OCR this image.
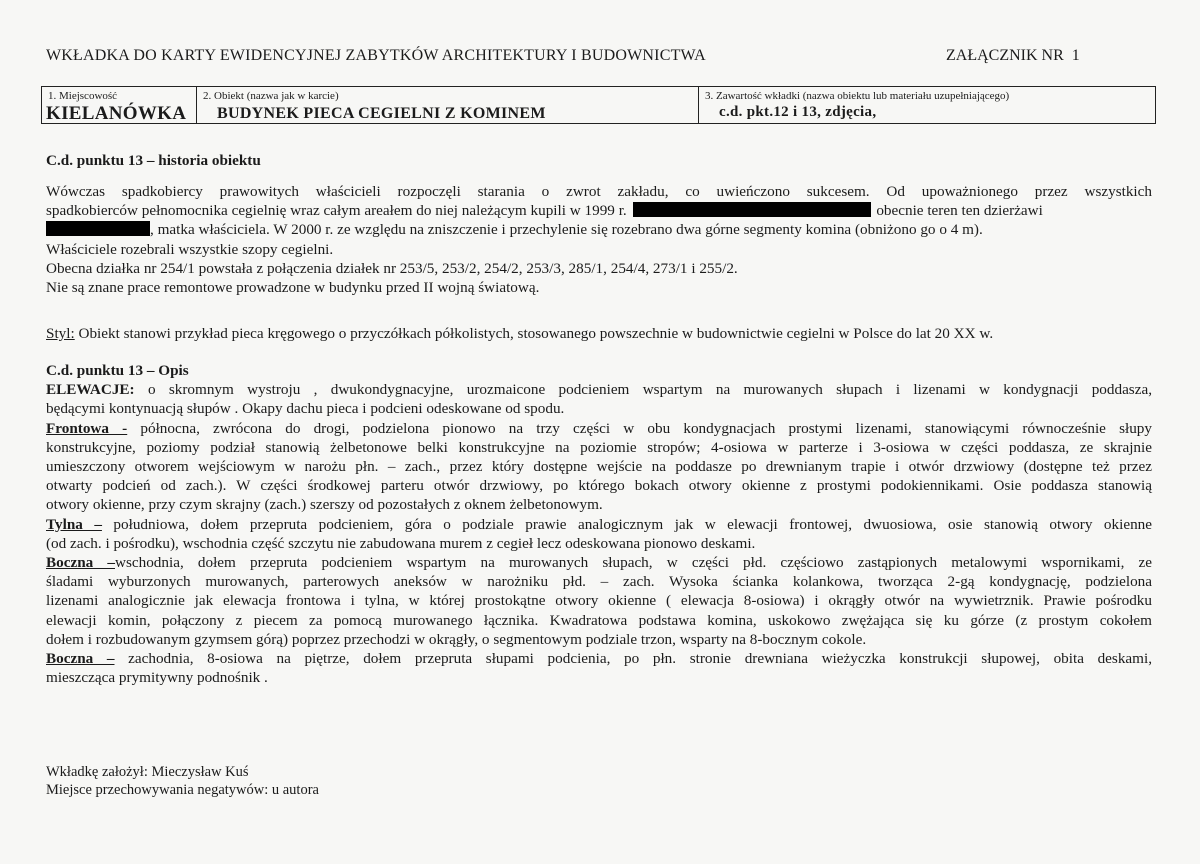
WKŁADKA DO KARTY EWIDENCYJNEJ ZABYTKÓW ARCHITEKTURY I BUDOWNICTWA	ZAŁĄCZNIK NR 1
1. Miejscowość
KIELANÓWKA
2. Obiekt (nazwa jak w karcie)
BUDYNEK PIECA CEGIELNI Z KOMINEM
3. Zawartość wkładki (nazwa obiektu lub materiału uzupełniającego)
c.d. pkt.12 i 13, zdjęcia,
C.d. punktu 13 – historia obiektu
Wówczas spadkobiercy prawowitych właścicieli rozpoczęli starania o zwrot zakładu, co uwieńczono sukcesem. Od upoważnionego przez wszystkich
spadkobierców pełnomocnika cegielnię wraz całym areałem do niej należącym kupili w 1999 r.	obecnie teren ten dzierżawi
, matka właściciela. W 2000 r. ze względu na zniszczenie i przechylenie się rozebrano dwa górne segmenty komina (obniżono go o 4 m).
Właściciele rozebrali wszystkie szopy cegielni.
Obecna działka nr 254/1 powstała z połączenia działek nr 253/5, 253/2, 254/2, 253/3, 285/1, 254/4, 273/1 i 255/2.
Nie są znane prace remontowe prowadzone w budynku przed II wojną światową.
Styl: Obiekt stanowi przykład pieca kręgowego o przyczółkach półkolistych, stosowanego powszechnie w budownictwie cegielni w Polsce do lat 20 XX w.
C.d. punktu 13 – Opis
ELEWACJE: o skromnym wystroju , dwukondygnacyjne, urozmaicone podcieniem wspartym na murowanych słupach i lizenami w kondygnacji poddasza,
będącymi kontynuacją słupów . Okapy dachu pieca i podcieni odeskowane od spodu.
Frontowa - północna, zwrócona do drogi, podzielona pionowo na trzy części w obu kondygnacjach prostymi lizenami, stanowiącymi równocześnie słupy
konstrukcyjne, poziomy podział stanowią żelbetonowe belki konstrukcyjne na poziomie stropów; 4-osiowa w parterze i 3-osiowa w części poddasza, ze skrajnie
umieszczony otworem wejściowym w narożu płn. – zach., przez który dostępne wejście na poddasze po drewnianym trapie i otwór drzwiowy (dostępne też przez
otwarty podcień od zach.). W części środkowej parteru otwór drzwiowy, po którego bokach otwory okienne z prostymi podokiennikami. Osie poddasza stanowią
otwory okienne, przy czym skrajny (zach.) szerszy od pozostałych z oknem żelbetonowym.
Tylna – południowa, dołem przepruta podcieniem, góra o podziale prawie analogicznym jak w elewacji frontowej, dwuosiowa, osie stanowią otwory okienne
(od zach. i pośrodku), wschodnia część szczytu nie zabudowana murem z cegieł lecz odeskowana pionowo deskami.
Boczna –wschodnia, dołem przepruta podcieniem wspartym na murowanych słupach, w części płd. częściowo zastąpionych metalowymi wspornikami, ze
śladami wyburzonych murowanych, parterowych aneksów w narożniku płd. – zach. Wysoka ścianka kolankowa, tworząca 2-gą kondygnację, podzielona
lizenami analogicznie jak elewacja frontowa i tylna, w której prostokątne otwory okienne ( elewacja 8-osiowa) i okrągły otwór na wywietrznik. Prawie pośrodku
elewacji komin, połączony z piecem za pomocą murowanego łącznika. Kwadratowa podstawa komina, uskokowo zwężająca się ku górze (z prostym cokołem
dołem i rozbudowanym gzymsem górą) poprzez przechodzi w okrągły, o segmentowym podziale trzon, wsparty na 8-bocznym cokole.
Boczna – zachodnia, 8-osiowa na piętrze, dołem przepruta słupami podcienia, po płn. stronie drewniana wieżyczka konstrukcji słupowej, obita deskami,
mieszcząca prymitywny podnośnik .
Wkładkę założył: Mieczysław Kuś
Miejsce przechowywania negatywów: u autora
